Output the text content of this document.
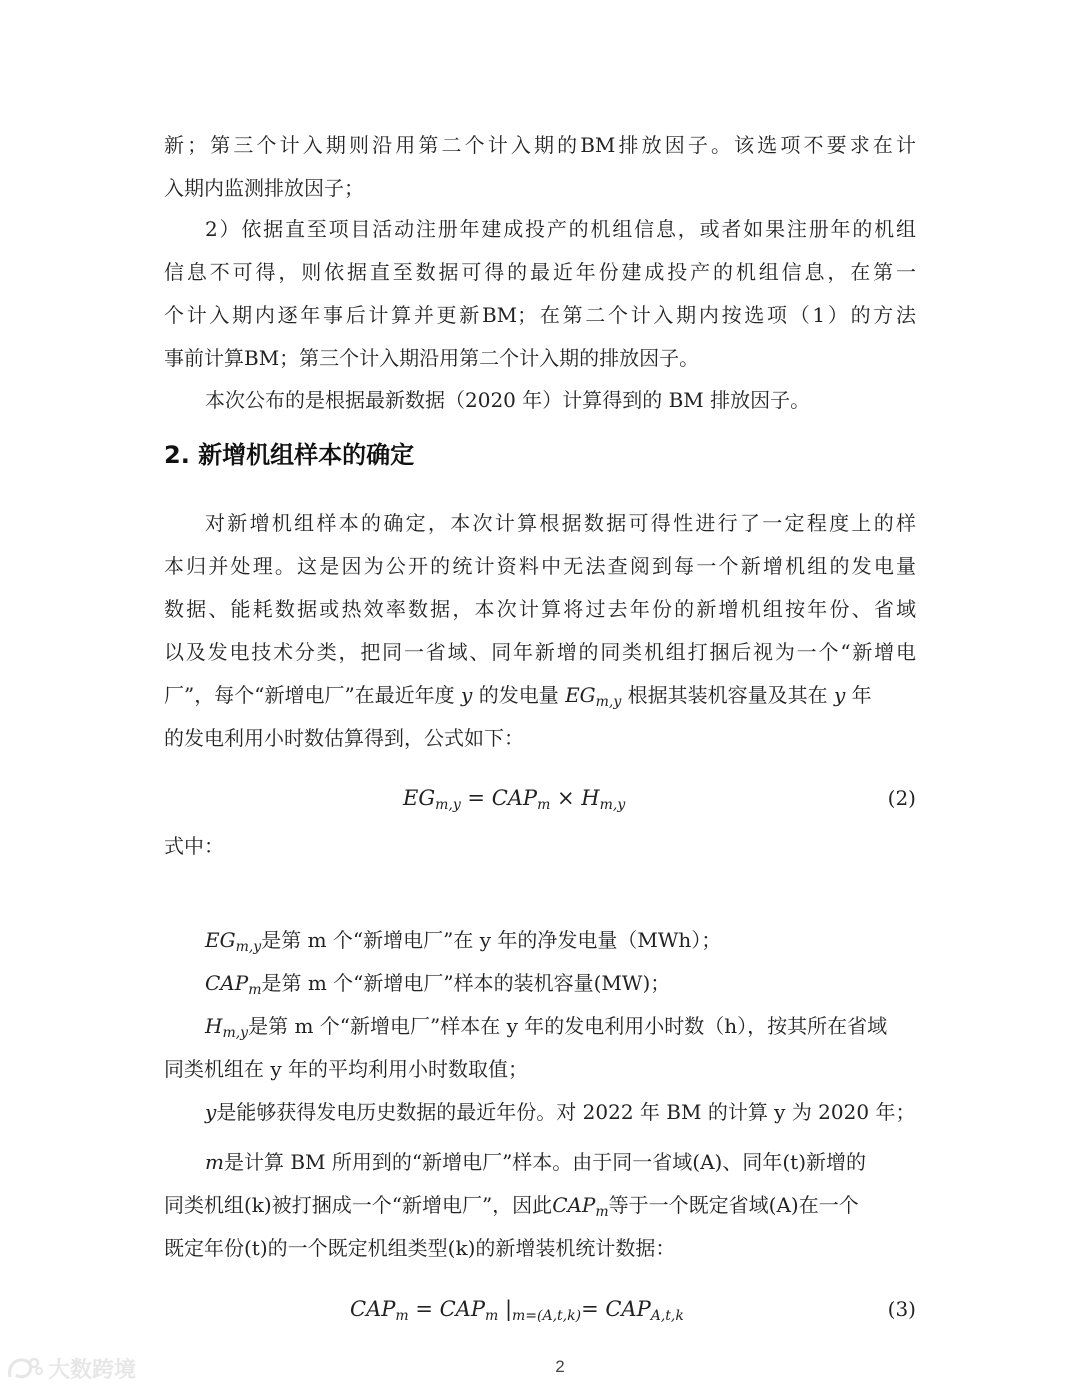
新；第三个计入期则沿用第二个计入期的BM排放因子。该选项不要求在计
入期内监测排放因子；
2）依据直至项目活动注册年建成投产的机组信息，或者如果注册年的机组
信息不可得，则依据直至数据可得的最近年份建成投产的机组信息，在第一
个计入期内逐年事后计算并更新BM；在第二个计入期内按选项（1）的方法
事前计算BM；第三个计入期沿用第二个计入期的排放因子。
本次公布的是根据最新数据（2020 年）计算得到的 BM 排放因子。
2. 新增机组样本的确定
对新增机组样本的确定，本次计算根据数据可得性进行了一定程度上的样
本归并处理。这是因为公开的统计资料中无法查阅到每一个新增机组的发电量
数据、能耗数据或热效率数据，本次计算将过去年份的新增机组按年份、省域
以及发电技术分类，把同一省域、同年新增的同类机组打捆后视为一个“新增电
厂”，每个“新增电厂”在最近年度 y 的发电量 $EG_{m,y}$ 根据其装机容量及其在 y 年
的发电利用小时数估算得到，公式如下：
$EG_{m,y} = CAP_m \times H_{m,y}$	(2)
式中：
$EG_{m,y}$是第 m 个“新增电厂”在 y 年的净发电量（MWh）；
$CAP_m$是第 m 个“新增电厂”样本的装机容量(MW)；
$H_{m,y}$是第 m 个“新增电厂”样本在 y 年的发电利用小时数（h），按其所在省域
同类机组在 y 年的平均利用小时数取值；
y是能够获得发电历史数据的最近年份。对 2022 年 BM 的计算 y 为 2020 年；
m是计算 BM 所用到的“新增电厂”样本。由于同一省域(A)、同年(t)新增的
同类机组(k)被打捆成一个“新增电厂”，因此$CAP_m$等于一个既定省域(A)在一个
既定年份(t)的一个既定机组类型(k)的新增装机统计数据：
$CAP_m = CAP_m$ $|_{m=(A,t,k)}= CAP_{A,t,k}$	(3)
2
大数跨境
